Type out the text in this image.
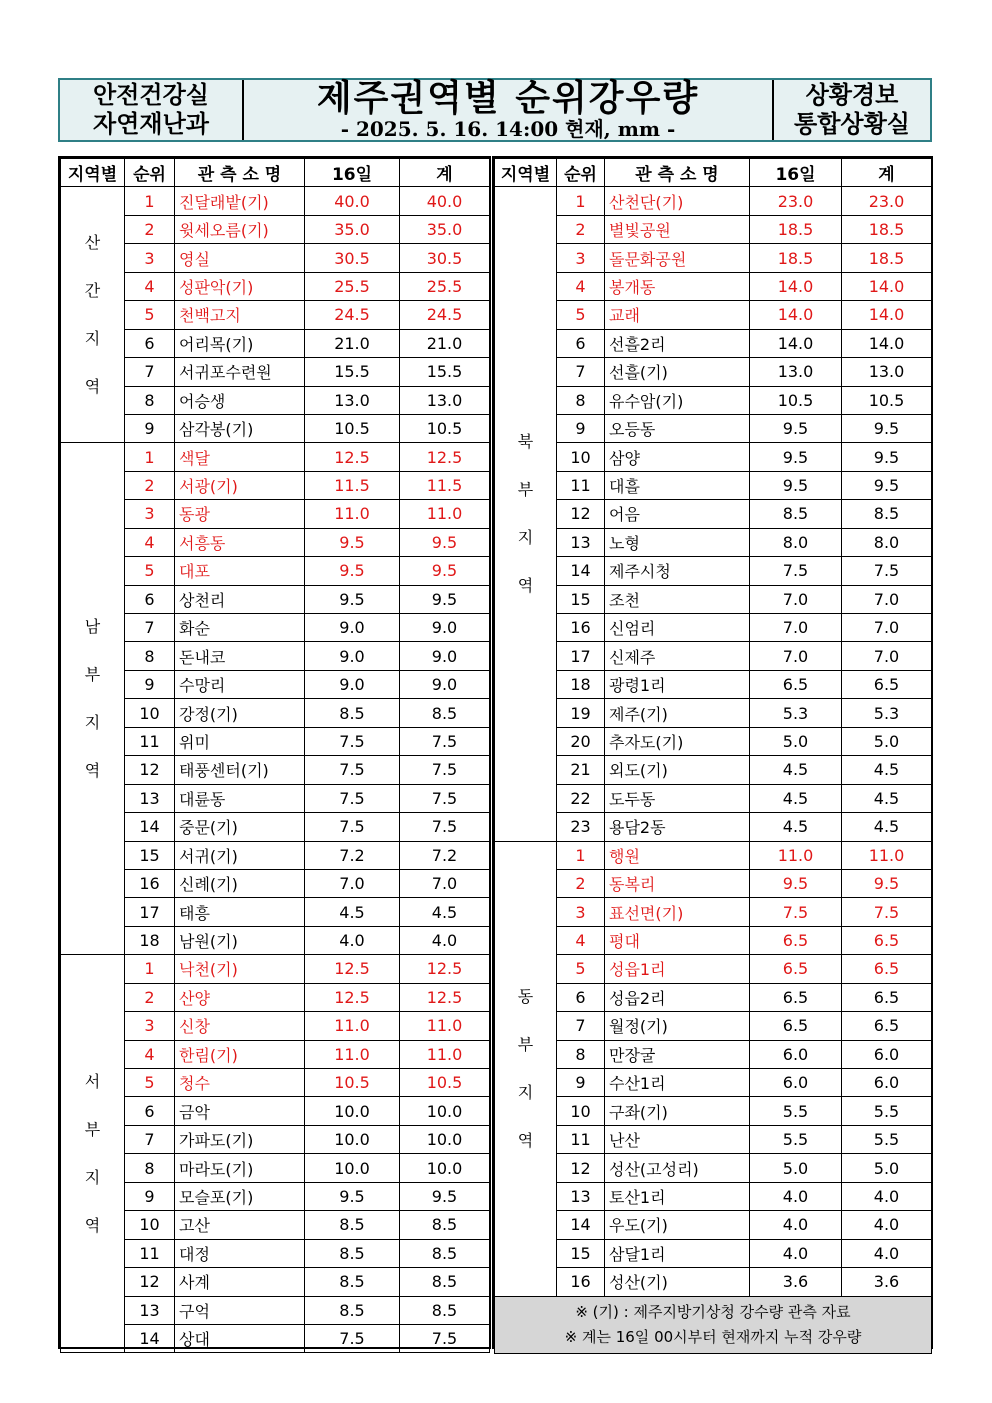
안전건강실
자연재난과
제주권역별 순위강우량
- 2025. 5. 16. 14:00 현재, mm -
상황경보
통합상황실
지역별	순위	관 측 소 명	16일	계
산간지역	1	진달래밭(기)	40.0	40.0
	2	윗세오름(기)	35.0	35.0
	3	영실	30.5	30.5
	4	성판악(기)	25.5	25.5
	5	천백고지	24.5	24.5
	6	어리목(기)	21.0	21.0
	7	서귀포수련원	15.5	15.5
	8	어승생	13.0	13.0
	9	삼각봉(기)	10.5	10.5
남부지역	1	색달	12.5	12.5
	2	서광(기)	11.5	11.5
	3	동광	11.0	11.0
	4	서흥동	9.5	9.5
	5	대포	9.5	9.5
	6	상천리	9.5	9.5
	7	화순	9.0	9.0
	8	돈내코	9.0	9.0
	9	수망리	9.0	9.0
	10	강정(기)	8.5	8.5
	11	위미	7.5	7.5
	12	태풍센터(기)	7.5	7.5
	13	대륜동	7.5	7.5
	14	중문(기)	7.5	7.5
	15	서귀(기)	7.2	7.2
	16	신례(기)	7.0	7.0
	17	태흥	4.5	4.5
	18	남원(기)	4.0	4.0
서부지역	1	낙천(기)	12.5	12.5
	2	산양	12.5	12.5
	3	신창	11.0	11.0
	4	한림(기)	11.0	11.0
	5	청수	10.5	10.5
	6	금악	10.0	10.0
	7	가파도(기)	10.0	10.0
	8	마라도(기)	10.0	10.0
	9	모슬포(기)	9.5	9.5
	10	고산	8.5	8.5
	11	대정	8.5	8.5
	12	사계	8.5	8.5
	13	구억	8.5	8.5
	14	상대	7.5	7.5
지역별	순위	관 측 소 명	16일	계
북부지역	1	산천단(기)	23.0	23.0
	2	별빛공원	18.5	18.5
	3	돌문화공원	18.5	18.5
	4	봉개동	14.0	14.0
	5	교래	14.0	14.0
	6	선흘2리	14.0	14.0
	7	선흘(기)	13.0	13.0
	8	유수암(기)	10.5	10.5
	9	오등동	9.5	9.5
	10	삼양	9.5	9.5
	11	대흘	9.5	9.5
	12	어음	8.5	8.5
	13	노형	8.0	8.0
	14	제주시청	7.5	7.5
	15	조천	7.0	7.0
	16	신엄리	7.0	7.0
	17	신제주	7.0	7.0
	18	광령1리	6.5	6.5
	19	제주(기)	5.3	5.3
	20	추자도(기)	5.0	5.0
	21	외도(기)	4.5	4.5
	22	도두동	4.5	4.5
	23	용담2동	4.5	4.5
동부지역	1	행원	11.0	11.0
	2	동복리	9.5	9.5
	3	표선면(기)	7.5	7.5
	4	평대	6.5	6.5
	5	성읍1리	6.5	6.5
	6	성읍2리	6.5	6.5
	7	월정(기)	6.5	6.5
	8	만장굴	6.0	6.0
	9	수산1리	6.0	6.0
	10	구좌(기)	5.5	5.5
	11	난산	5.5	5.5
	12	성산(고성리)	5.0	5.0
	13	토산1리	4.0	4.0
	14	우도(기)	4.0	4.0
	15	삼달1리	4.0	4.0
	16	성산(기)	3.6	3.6

※ (기) : 제주지방기상청 강수량 관측 자료
※ 계는 16일 00시부터 현재까지 누적 강우량				
